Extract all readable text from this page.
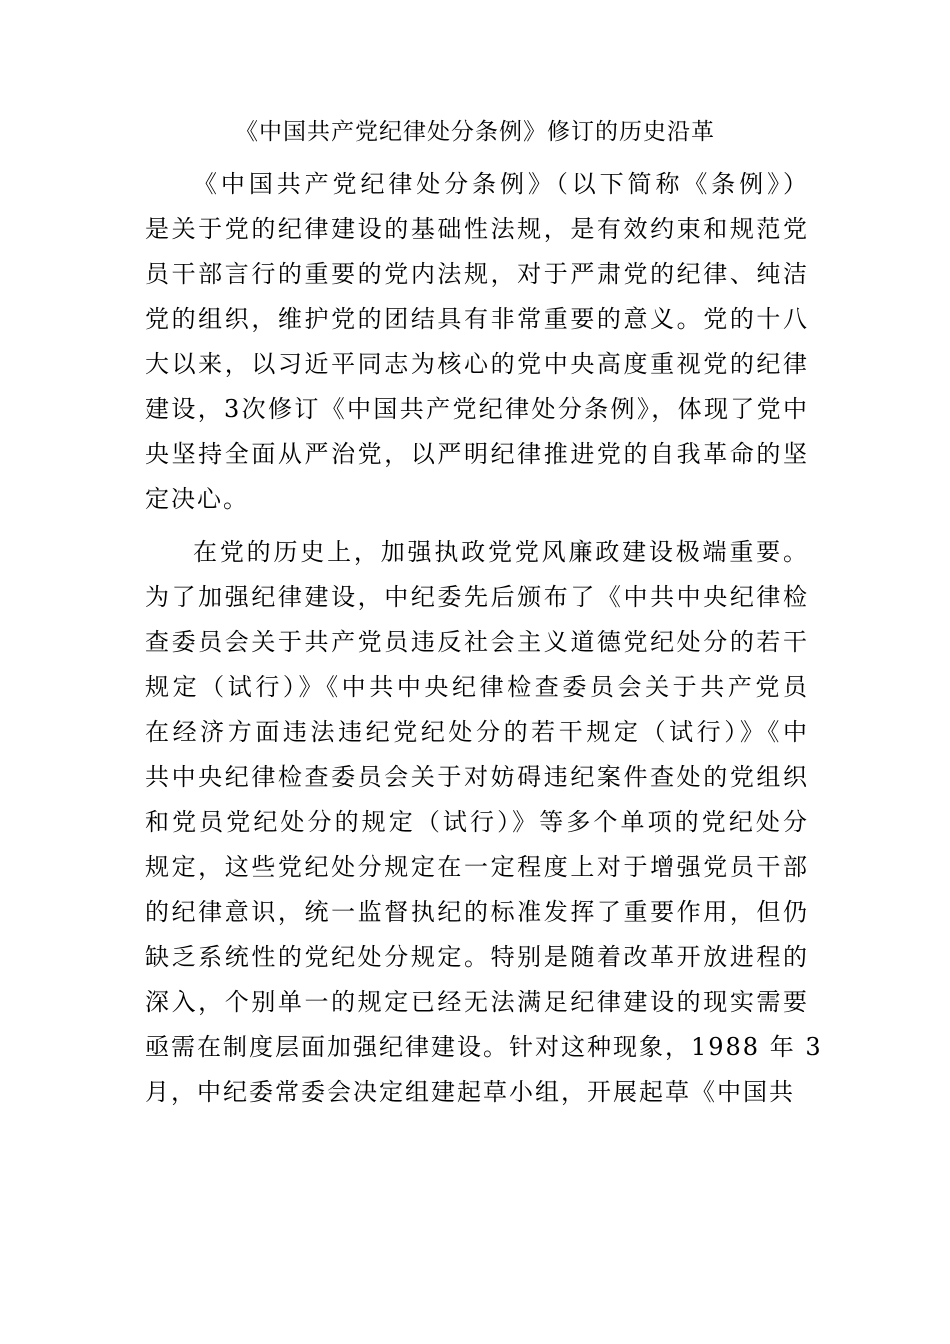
《中国共产党纪律处分条例》修订的历史沿革
《中国共产党纪律处分条例》（以下简称《条例》）
是关于党的纪律建设的基础性法规，是有效约束和规范党
员干部言行的重要的党内法规，对于严肃党的纪律、纯洁
党的组织，维护党的团结具有非常重要的意义。党的十八
大以来，以习近平同志为核心的党中央高度重视党的纪律
建设，3次修订《中国共产党纪律处分条例》，体现了党中
央坚持全面从严治党，以严明纪律推进党的自我革命的坚
定决心。
在党的历史上，加强执政党党风廉政建设极端重要。
为了加强纪律建设，中纪委先后颁布了《中共中央纪律检
查委员会关于共产党员违反社会主义道德党纪处分的若干
规定（试行）》《中共中央纪律检查委员会关于共产党员
在经济方面违法违纪党纪处分的若干规定（试行）》《中
共中央纪律检查委员会关于对妨碍违纪案件查处的党组织
和党员党纪处分的规定（试行）》等多个单项的党纪处分
规定，这些党纪处分规定在一定程度上对于增强党员干部
的纪律意识，统一监督执纪的标准发挥了重要作用，但仍
缺乏系统性的党纪处分规定。特别是随着改革开放进程的
深入，个别单一的规定已经无法满足纪律建设的现实需要
亟需在制度层面加强纪律建设。针对这种现象，1988 年 3
月，中纪委常委会决定组建起草小组，开展起草《中国共
